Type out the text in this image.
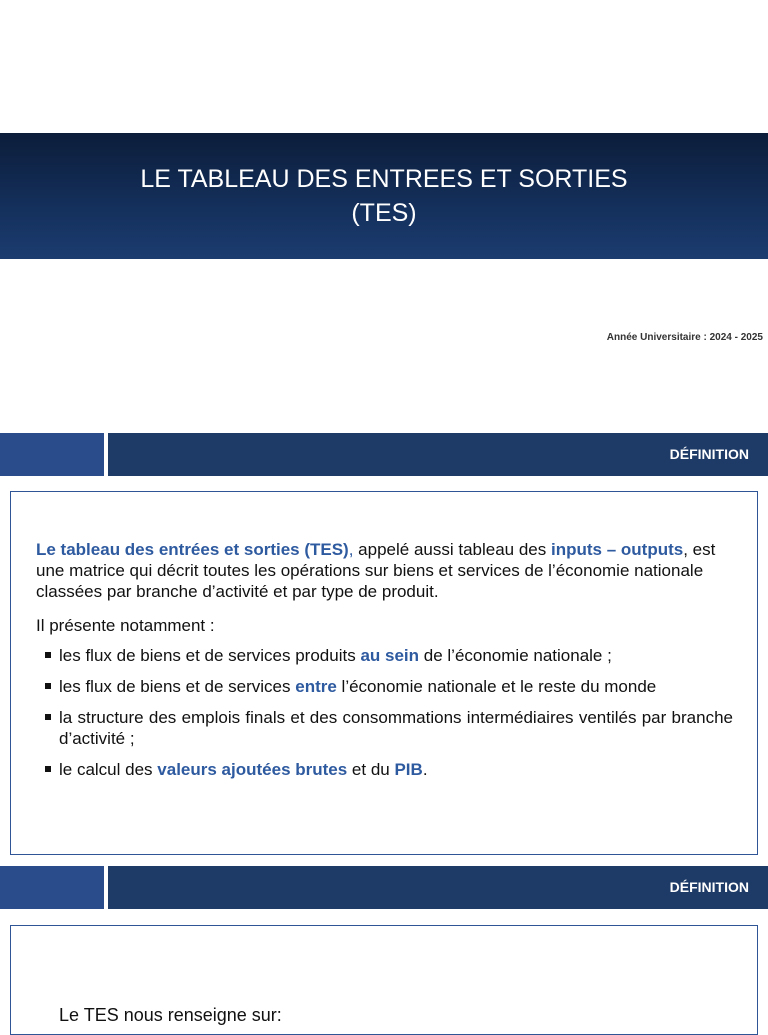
LE TABLEAU DES ENTREES ET SORTIES
(TES)
Année Universitaire : 2024 - 2025
DÉFINITION
Le tableau des entrées et sorties (TES), appelé aussi tableau des inputs – outputs, est une matrice qui décrit toutes les opérations sur biens et services de l’économie nationale classées par branche d’activité et par type de produit.
Il présente notamment :
les flux de biens et de services produits au sein de l’économie nationale ;
les flux de biens et de services entre l’économie nationale et le reste du monde
la structure des emplois finals et des consommations intermédiaires ventilés par branche d’activité ;
le calcul des valeurs ajoutées brutes et du PIB.
DÉFINITION
Le TES nous renseigne sur:
